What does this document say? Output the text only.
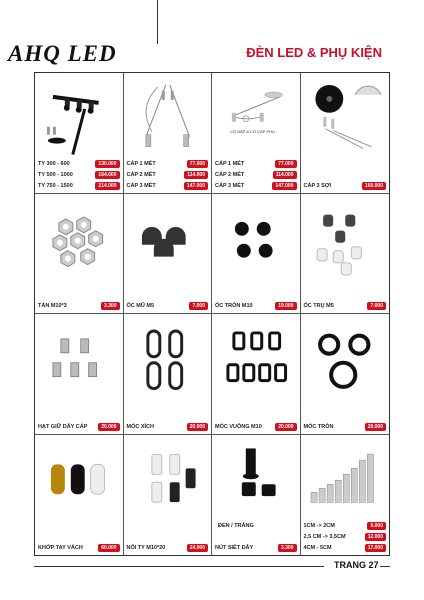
AHQ LED	ĐÈN LED & PHỤ KIỆN
TY 300 - 600	130.000
TY 500 - 1000	164.000
TY 750 - 1500	214.000
CÁP 1 MÉT	77.000
CÁP 2 MÉT	114.000
CÁP 3 MÉT	147.000
CÓ NẮP & CÓ CÁP PHỤ
CÁP 1 MÉT	77.000
CÁP 2 MÉT	114.000
CÁP 3 MÉT	147.000	CÁP 3 SỢI	160.000
TÁN M10*3	3.300	ỐC MŨ M5	7.000	ỐC TRÒN M10	19.000	ỐC TRỤ M5	7.000
HẠT GIỮ DÂY CÁP	20.000	MÓC XÍCH	20.000	MÓC VUÔNG M10	20.000	MÓC TRÒN	20.000
KHỚP TAY VÁCH	60.000	NỐI TY M10*20	24.000
ĐEN / TRẮNG
NÚT SIẾT DÂY	3.300
1CM -> 2CM	5.000
2,5 CM -> 3,5CM	12.000
4CM - 5CM	17.000
TRANG 27
